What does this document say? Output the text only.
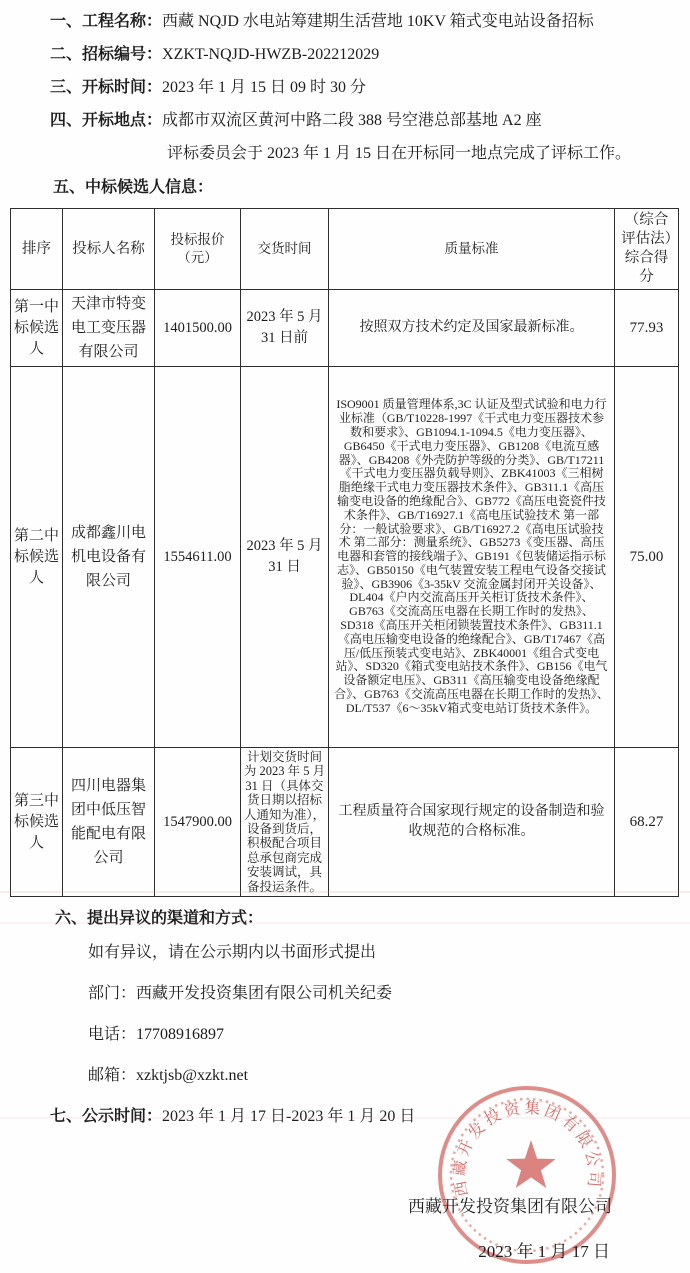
一、工程名称：西藏 NQJD 水电站筹建期生活营地 10KV 箱式变电站设备招标
二、招标编号：XZKT-NQJD-HWZB-202212029
三、开标时间：2023 年 1 月 15 日 09 时 30 分
四、开标地点：成都市双流区黄河中路二段 388 号空港总部基地 A2 座
评标委员会于 2023 年 1 月 15 日在开标同一地点完成了评标工作。
五、中标候选人信息：
排序	投标人名称	投标报价（元）	交货时间	质量标准	（综合评估法）综合得分
第一中标候选人	天津市特变电工变压器有限公司	1401500.00	2023 年 5 月 31 日前	按照双方技术约定及国家最新标准。	77.93
第二中标候选人	成都鑫川电机电设备有限公司	1554611.00	2023 年 5 月 31 日	ISO9001 质量管理体系,3C 认证及型式试验和电力行业标准（GB/T10228-1997《干式电力变压器技术参数和要求》、GB1094.1-1094.5《电力变压器》、GB6450《干式电力变压器》、GB1208《电流互感器》、GB4208《外壳防护等级的分类》、GB/T17211《干式电力变压器负载导则》、ZBK41003《三相树脂绝缘干式电力变压器技术条件》、GB311.1《高压输变电设备的绝缘配合》、GB772《高压电瓷瓷件技术条件》、GB/T16927.1《高电压试验技术 第一部分：一般试验要求》、GB/T16927.2《高电压试验技术 第二部分：测量系统》、GB5273《变压器、高压电器和套管的接线端子》、GB191《包装储运指示标志》、GB50150《电气装置安装工程电气设备交接试验》、GB3906《3-35kV 交流金属封闭开关设备》、DL404《户内交流高压开关柜订货技术条件》、GB763《交流高压电器在长期工作时的发热》、SD318《高压开关柜闭锁装置技术条件》、GB311.1《高电压输变电设备的绝缘配合》、GB/T17467《高压/低压预装式变电站》、ZBK40001《组合式变电站》、SD320《箱式变电站技术条件》、GB156《电气设备额定电压》、GB311《高压输变电设备绝缘配合》、GB763《交流高压电器在长期工作时的发热》、DL/T537《6～35kV箱式变电站订货技术条件》。	75.00
第三中标候选人	四川电器集团中低压智能配电有限公司	1547900.00	计划交货时间为 2023 年 5 月 31 日（具体交货日期以招标人通知为准），设备到货后，积极配合项目总承包商完成安装调试，具备投运条件。	工程质量符合国家现行规定的设备制造和验收规范的合格标准。	68.27
六、提出异议的渠道和方式：
如有异议，请在公示期内以书面形式提出
部门：西藏开发投资集团有限公司机关纪委
电话：17708916897
邮箱：xzktjsb@xzkt.net
七、公示时间：2023 年 1 月 17 日-2023 年 1 月 20 日
西藏开发投资集团有限公司
西藏开发投资集团有限公司
2023 年 1 月 17 日
